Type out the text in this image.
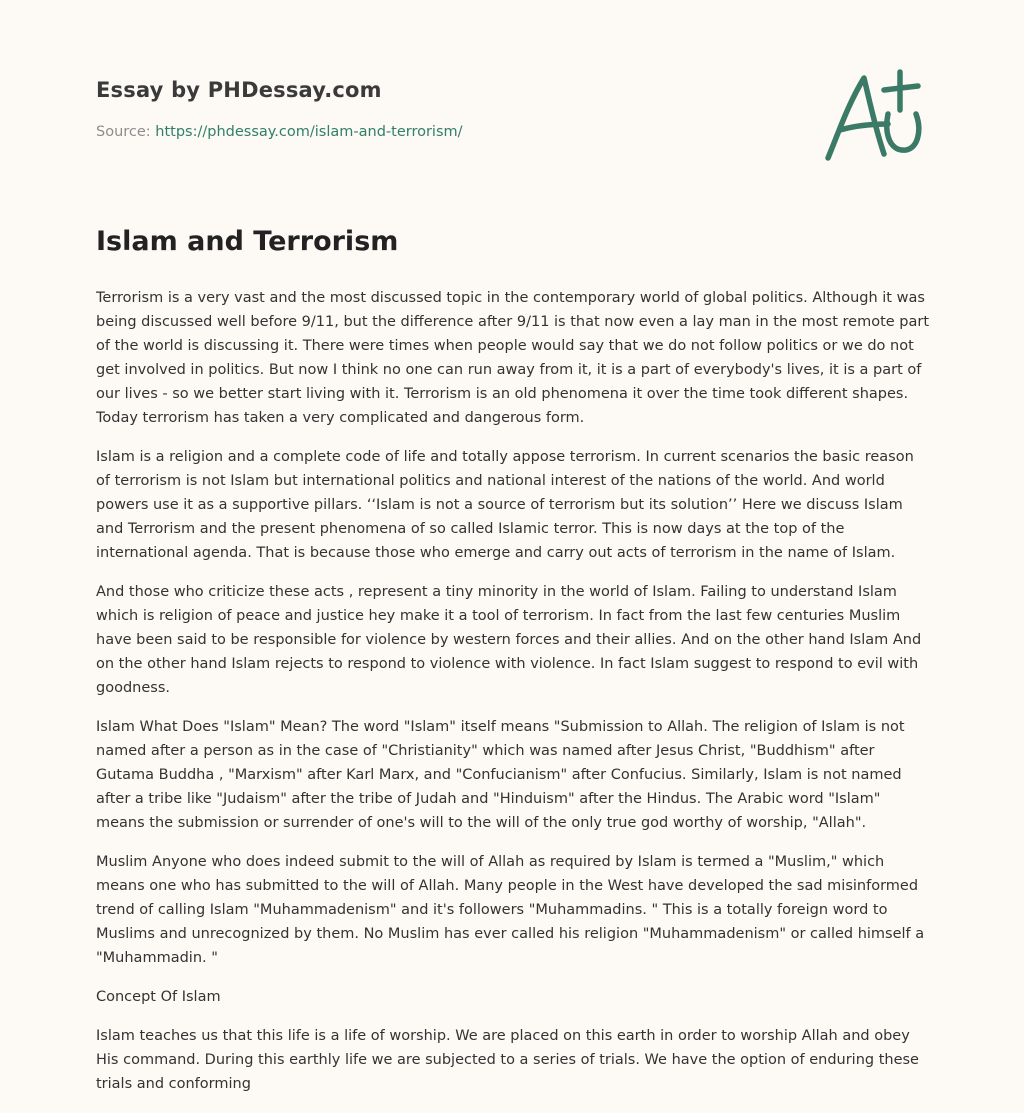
Essay by PHDessay.com
Source: https://phdessay.com/islam-and-terrorism/
Islam and Terrorism

Terrorism is a very vast and the most discussed topic in the contemporary world of global politics. Although it was being discussed well before 9/11, but the difference after 9/11 is that now even a lay man in the most remote part of the world is discussing it. There were times when people would say that we do not follow politics or we do not get involved in politics. But now I think no one can run away from it, it is a part of everybody's lives, it is a part of our lives - so we better start living with it. Terrorism is an old phenomena it over the time took different shapes. Today terrorism has taken a very complicated and dangerous form.

Islam is a religion and a complete code of life and totally appose terrorism. In current scenarios the basic reason of terrorism is not Islam but international politics and national interest of the nations of the world. And world powers use it as a supportive pillars. ‘‘Islam is not a source of terrorism but its solution’’ Here we discuss Islam and Terrorism and the present phenomena of so called Islamic terror. This is now days at the top of the international agenda. That is because those who emerge and carry out acts of terrorism in the name of Islam.

And those who criticize these acts , represent a tiny minority in the world of Islam. Failing to understand Islam which is religion of peace and justice hey make it a tool of terrorism. In fact from the last few centuries Muslim have been said to be responsible for violence by western forces and their allies. And on the other hand Islam And on the other hand Islam rejects to respond to violence with violence. In fact Islam suggest to respond to evil with goodness.

Islam What Does "Islam" Mean? The word "Islam" itself means "Submission to Allah. The religion of Islam is not named after a person as in the case of "Christianity" which was named after Jesus Christ, "Buddhism" after Gutama Buddha , "Marxism" after Karl Marx, and "Confucianism" after Confucius. Similarly, Islam is not named after a tribe like "Judaism" after the tribe of Judah and "Hinduism" after the Hindus. The Arabic word "Islam" means the submission or surrender of one's will to the will of the only true god worthy of worship, "Allah".

Muslim Anyone who does indeed submit to the will of Allah as required by Islam is termed a "Muslim," which means one who has submitted to the will of Allah. Many people in the West have developed the sad misinformed trend of calling Islam "Muhammadenism" and it's followers "Muhammadins. " This is a totally foreign word to Muslims and unrecognized by them. No Muslim has ever called his religion "Muhammadenism" or called himself a "Muhammadin. "

Concept Of Islam

Islam teaches us that this life is a life of worship. We are placed on this earth in order to worship Allah and obey His command. During this earthly life we are subjected to a series of trials. We have the option of enduring these trials and conforming
